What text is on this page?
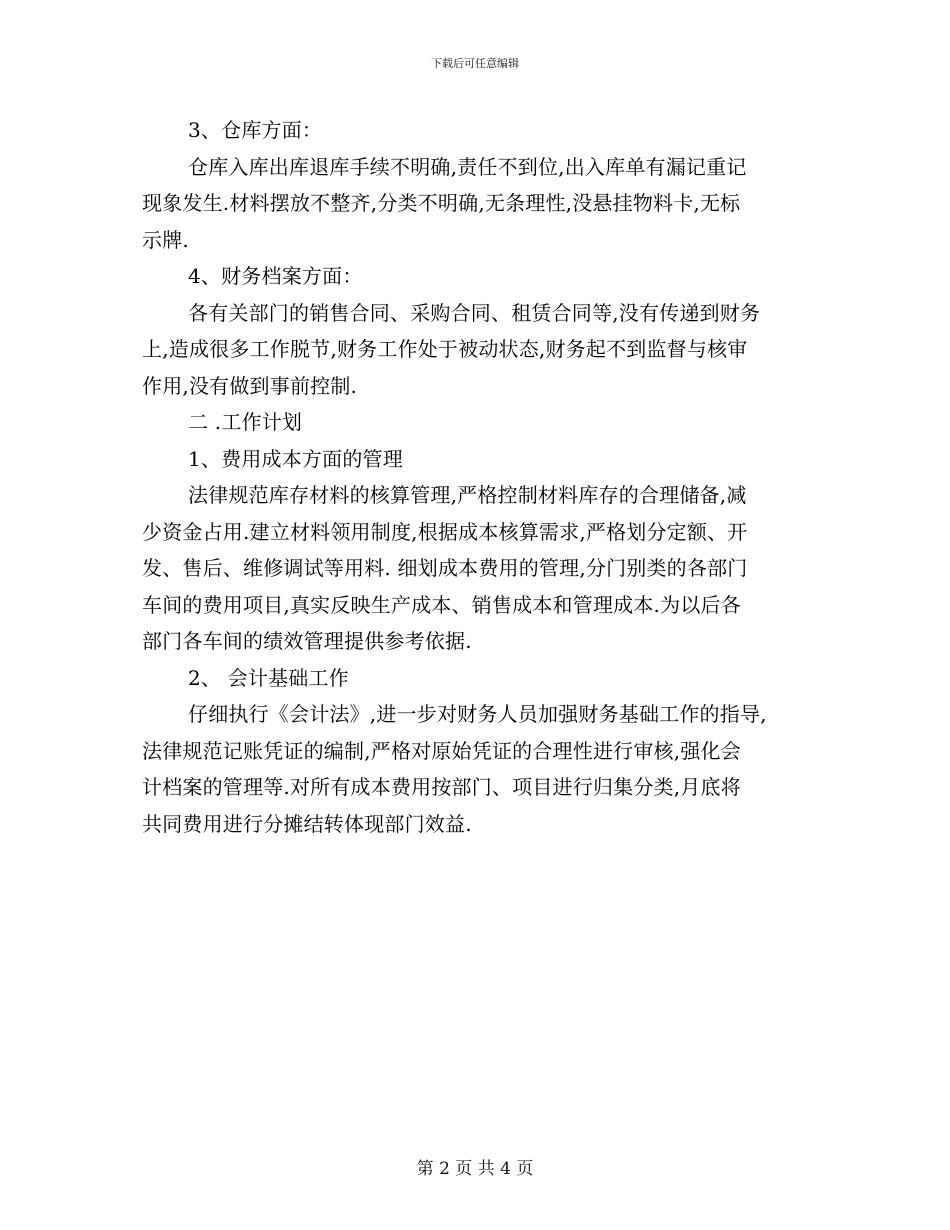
下载后可任意编辑
3、仓库方面：
仓库入库出库退库手续不明确,责任不到位,出入库单有漏记重记
现象发生.材料摆放不整齐,分类不明确,无条理性,没悬挂物料卡,无标
示牌.
4、财务档案方面：
各有关部门的销售合同、采购合同、租赁合同等,没有传递到财务
上,造成很多工作脱节,财务工作处于被动状态,财务起不到监督与核审
作用,没有做到事前控制.
二 .工作计划
1、费用成本方面的管理
法律规范库存材料的核算管理,严格控制材料库存的合理储备,减
少资金占用.建立材料领用制度,根据成本核算需求,严格划分定额、开
发、售后、维修调试等用料. 细划成本费用的管理,分门别类的各部门
车间的费用项目,真实反映生产成本、销售成本和管理成本.为以后各
部门各车间的绩效管理提供参考依据.
2、 会计基础工作
仔细执行《会计法》,进一步对财务人员加强财务基础工作的指导,
法律规范记账凭证的编制,严格对原始凭证的合理性进行审核,强化会
计档案的管理等.对所有成本费用按部门、项目进行归集分类,月底将
共同费用进行分摊结转体现部门效益.
第 2 页 共 4 页
